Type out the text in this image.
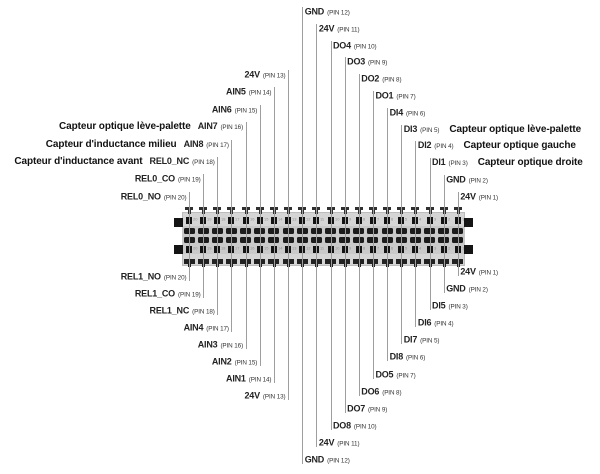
20
20
19
19
18
18
17
17
16
16
15
15
14
14
13
13
12
12
11
11
10
10
9
9
8
8
7
7
6
6
5
5
4
4
3
3
2
2
1
1
REL0_NO (PIN 20)
REL0_CO (PIN 19)
Capteur d'inductance avant REL0_NC (PIN 18)
Capteur d'inductance milieu AIN8 (PIN 17)
Capteur optique lève-palette AIN7 (PIN 16)
AIN6 (PIN 15)
AIN5 (PIN 14)
24V (PIN 13)
GND (PIN 12)
24V (PIN 11)
DO4 (PIN 10)
DO3 (PIN 9)
DO2 (PIN 8)
DO1 (PIN 7)
DI4 (PIN 6)
DI3 (PIN 5) Capteur optique lève-palette
DI2 (PIN 4) Capteur optique gauche
DI1 (PIN 3) Capteur optique droite
GND (PIN 2)
24V (PIN 1)
REL1_NO (PIN 20)
REL1_CO (PIN 19)
REL1_NC (PIN 18)
AIN4 (PIN 17)
AIN3 (PIN 16)
AIN2 (PIN 15)
AIN1 (PIN 14)
24V (PIN 13)
GND (PIN 12)
24V (PIN 11)
DO8 (PIN 10)
DO7 (PIN 9)
DO6 (PIN 8)
DO5 (PIN 7)
DI8 (PIN 6)
DI7 (PIN 5)
DI6 (PIN 4)
DI5 (PIN 3)
GND (PIN 2)
24V (PIN 1)
